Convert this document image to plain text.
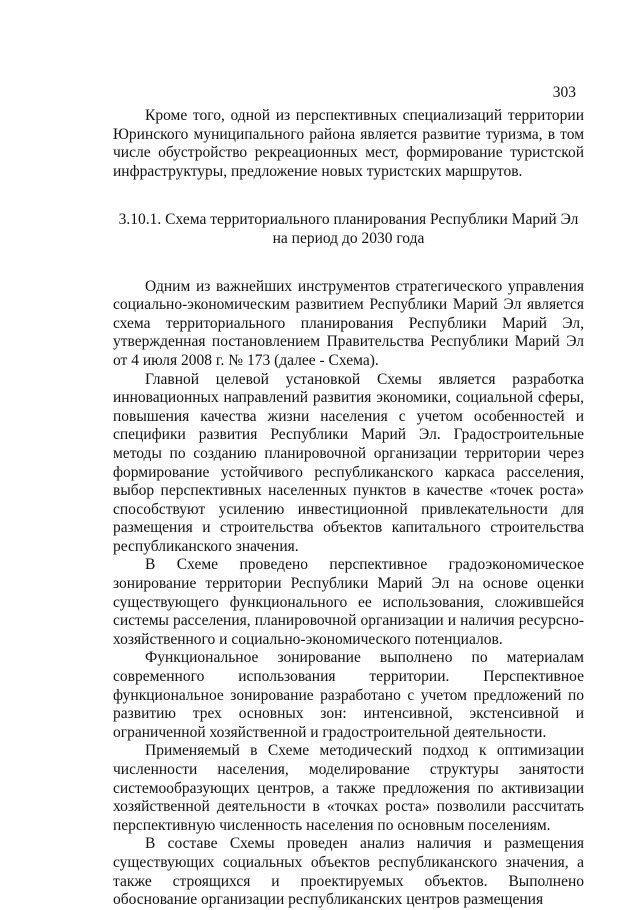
303

Кроме того, одной из перспективных специализаций территории Юринского муниципального района является развитие туризма, в том числе обустройство рекреационных мест, формирование туристской инфраструктуры, предложение новых туристских маршрутов.

3.10.1. Схема территориального планирования Республики Марий Эл на период до 2030 года

Одним из важнейших инструментов стратегического управления социально-экономическим развитием Республики Марий Эл является схема территориального планирования Республики Марий Эл, утвержденная постановлением Правительства Республики Марий Эл от 4 июля 2008 г. № 173 (далее - Схема).

Главной целевой установкой Схемы является разработка инновационных направлений развития экономики, социальной сферы, повышения качества жизни населения с учетом особенностей и специфики развития Республики Марий Эл. Градостроительные методы по созданию планировочной организации территории через формирование устойчивого республиканского каркаса расселения, выбор перспективных населенных пунктов в качестве «точек роста» способствуют усилению инвестиционной привлекательности для размещения и строительства объектов капитального строительства республиканского значения.

В Схеме проведено перспективное градоэкономическое зонирование территории Республики Марий Эл на основе оценки существующего функционального ее использования, сложившейся системы расселения, планировочной организации и наличия ресурсно-хозяйственного и социально-экономического потенциалов.

Функциональное зонирование выполнено по материалам современного использования территории. Перспективное функциональное зонирование разработано с учетом предложений по развитию трех основных зон: интенсивной, экстенсивной и ограниченной хозяйственной и градостроительной деятельности.

Применяемый в Схеме методический подход к оптимизации численности населения, моделирование структуры занятости системообразующих центров, а также предложения по активизации хозяйственной деятельности в «точках роста» позволили рассчитать перспективную численность населения по основным поселениям.

В составе Схемы проведен анализ наличия и размещения существующих социальных объектов республиканского значения, а также строящихся и проектируемых объектов. Выполнено обоснование организации республиканских центров размещения
